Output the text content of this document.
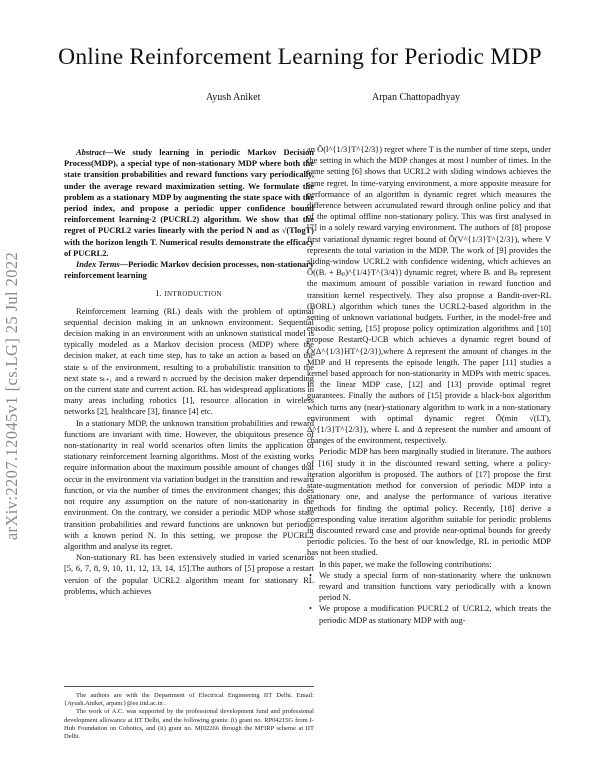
arXiv:2207.12045v1 [cs.LG] 25 Jul 2022
Online Reinforcement Learning for Periodic MDP
Ayush Aniket	Arpan Chattopadhyay

Abstract—We study learning in periodic Markov Decision Process(MDP), a special type of non-stationary MDP where both the state transition probabilities and reward functions vary periodically, under the average reward maximization setting. We formulate the problem as a stationary MDP by augmenting the state space with the period index, and propose a periodic upper confidence bound reinforcement learning-2 (PUCRL2) algorithm. We show that the regret of PUCRL2 varies linearly with the period N and as √(TlogT) with the horizon length T. Numerical results demonstrate the efficacy of PUCRL2.

Index Terms—Periodic Markov decision processes, non-stationary reinforcement learning

I. INTRODUCTION

Reinforcement learning (RL) deals with the problem of optimal sequential decision making in an unknown environment. Sequential decision making in an environment with an unknown statistical model is typically modeled as a Markov decision process (MDP) where the decision maker, at each time step, has to take an action aₜ based on the state sₜ of the environment, resulting to a probabilistic transition to the next state sₜ₊₁ and a reward rₜ accrued by the decision maker depending on the current state and current action. RL has widespread applications in many areas including robotics [1], resource allocation in wireless networks [2], healthcare [3], finance [4] etc.

In a stationary MDP, the unknown transition probabilities and reward functions are invariant with time. However, the ubiquitous presence of non-stationarity in real world scenarios often limits the application of stationary reinforcement learning algorithms. Most of the existing works require information about the maximum possible amount of changes that occur in the environment via variation budget in the transition and reward function, or via the number of times the environment changes; this does not require any assumption on the nature of non-stationarity in the environment. On the contrary, we consider a periodic MDP whose state transition probabilities and reward functions are unknown but periodic with a known period N. In this setting, we propose the PUCRL2 algorithm and analyse its regret.

Non-stationary RL has been extensively studied in varied scenarios [5, 6, 7, 8, 9, 10, 11, 12, 13, 14, 15].The authors of [5] propose a restart version of the popular UCRL2 algorithm meant for stationary RL problems, which achieves

The authors are with the Department of Electrical Engineering IIT Delhi. Email: {Ayush.Aniket, arpanc}@ee.iitd.ac.in .

The work of A.C. was supported by the professional development fund and professional development allowance at IIT Delhi, and the following grants: (i) grant no. RP04215G from I-Hub Foundation on Cobotics, and (ii) grant no. MI02266 through the MFIRP scheme at IIT Delhi.

an Õ(l^{1/3}T^{2/3}) regret where T is the number of time steps, under the setting in which the MDP changes at most l number of times. In the same setting [6] shows that UCRL2 with sliding windows achieves the same regret. In time-varying environment, a more apposite measure for performance of an algorithm is dynamic regret which measures the difference between accumulated reward through online policy and that of the optimal offline non-stationary policy. This was first analysed in [7] in a solely reward varying environment. The authors of [8] propose first variational dynamic regret bound of Õ(V^{1/3}T^{2/3}), where V represents the total variation in the MDP. The work of [9] provides the sliding-window UCRL2 with confidence widening, which achieves an Õ((Bᵣ + Bₚ)^{1/4}T^{3/4}) dynamic regret, where Bᵣ and Bₚ represent the maximum amount of possible variation in reward function and transition kernel respectively. They also propose a Bandit-over-RL (BORL) algorithm which tunes the UCRL2-based algorithm in the setting of unknown variational budgets. Further, in the model-free and episodic setting, [15] propose policy optimization algorithms and [10] propose RestartQ-UCB which achieves a dynamic regret bound of Õ(Δ^{1/3}HT^{2/3}),where Δ represent the amount of changes in the MDP and H represents the episode length. The paper [11] studies a kernel based approach for non-stationarity in MDPs with metric spaces. In the linear MDP case, [12] and [13] provide optimal regret guarantees. Finally the authors of [15] provide a black-box algorithm which turns any (near)-stationary algorithm to work in a non-stationary environment with optimal dynamic regret Õ(min √(LT), Δ^{1/3}T^{2/3}), where L and Δ represent the number and amount of changes of the environment, respectively.

Periodic MDP has been marginally studied in literature. The authors of [16] study it in the discounted reward setting, where a policy-iteration algorithm is proposed. The authors of [17] propose the first state-augmentation method for conversion of periodic MDP into a stationary one, and analyse the performance of various iterative methods for finding the optimal policy. Recently, [18] derive a corresponding value iteration algorithm suitable for periodic problems in discounted reward case and provide near-optimal bounds for greedy periodic policies. To the best of our knowledge, RL in periodic MDP has not been studied.

In this paper, we make the following contributions:

• We study a special form of non-stationarity where the unknown reward and transition functions vary periodically with a known period N.
• We propose a modification PUCRL2 of UCRL2, which treats the periodic MDP as stationary MDP with aug-
